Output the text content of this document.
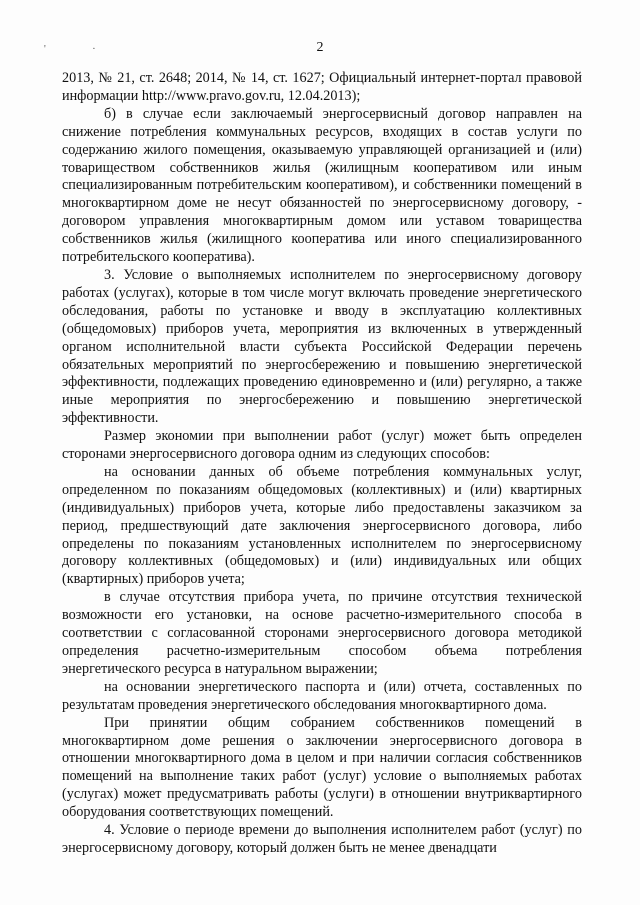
' ·	2

2013, № 21, ст. 2648; 2014, № 14, ст. 1627; Официальный интернет-портал правовой информации http://www.pravo.gov.ru, 12.04.2013);

б) в случае если заключаемый энергосервисный договор направлен на снижение потребления коммунальных ресурсов, входящих в состав услуги по содержанию жилого помещения, оказываемую управляющей организацией и (или) товариществом собственников жилья (жилищным кооперативом или иным специализированным потребительским кооперативом), и собственники помещений в многоквартирном доме не несут обязанностей по энергосервисному договору, - договором управления многоквартирным домом или уставом товарищества собственников жилья (жилищного кооператива или иного специализированного потребительского кооператива).

3. Условие о выполняемых исполнителем по энергосервисному договору работах (услугах), которые в том числе могут включать проведение энергетического обследования, работы по установке и вводу в эксплуатацию коллективных (общедомовых) приборов учета, мероприятия из включенных в утвержденный органом исполнительной власти субъекта Российской Федерации перечень обязательных мероприятий по энергосбережению и повышению энергетической эффективности, подлежащих проведению единовременно и (или) регулярно, а также иные мероприятия по энергосбережению и повышению энергетической эффективности.

Размер экономии при выполнении работ (услуг) может быть определен сторонами энергосервисного договора одним из следующих способов:

на основании данных об объеме потребления коммунальных услуг, определенном по показаниям общедомовых (коллективных) и (или) квартирных (индивидуальных) приборов учета, которые либо предоставлены заказчиком за период, предшествующий дате заключения энергосервисного договора, либо определены по показаниям установленных исполнителем по энергосервисному договору коллективных (общедомовых) и (или) индивидуальных или общих (квартирных) приборов учета;

в случае отсутствия прибора учета, по причине отсутствия технической возможности его установки, на основе расчетно-измерительного способа в соответствии с согласованной сторонами энергосервисного договора методикой определения расчетно-измерительным способом объема потребления энергетического ресурса в натуральном выражении;

на основании энергетического паспорта и (или) отчета, составленных по результатам проведения энергетического обследования многоквартирного дома.

При принятии общим собранием собственников помещений в многоквартирном доме решения о заключении энергосервисного договора в отношении многоквартирного дома в целом и при наличии согласия собственников помещений на выполнение таких работ (услуг) условие о выполняемых работах (услугах) может предусматривать работы (услуги) в отношении внутриквартирного оборудования соответствующих помещений.

4. Условие о периоде времени до выполнения исполнителем работ (услуг) по энергосервисному договору, который должен быть не менее двенадцати
